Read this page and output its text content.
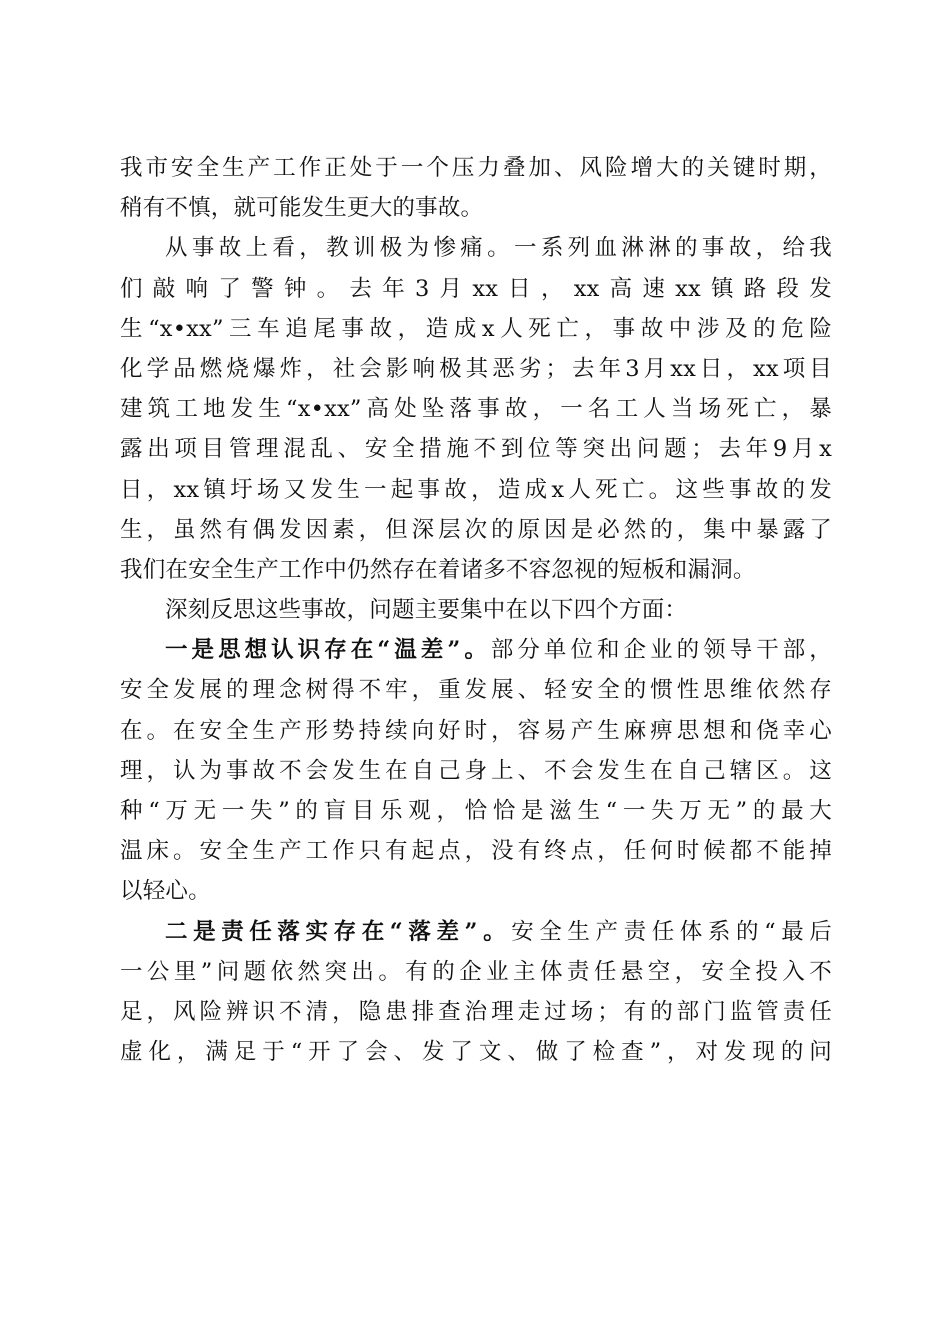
我市安全生产工作正处于一个压力叠加、风险增大的关键时期，
稍有不慎，就可能发生更大的事故。
从事故上看，教训极为惨痛。一系列血淋淋的事故，给我
们敲响了警钟。去年3月xx日，xx高速xx镇路段发
生“x•xx”三车追尾事故，造成x人死亡，事故中涉及的危险
化学品燃烧爆炸，社会影响极其恶劣；去年3月xx日，xx项目
建筑工地发生“x•xx”高处坠落事故，一名工人当场死亡，暴
露出项目管理混乱、安全措施不到位等突出问题；去年9月x
日，xx镇圩场又发生一起事故，造成x人死亡。这些事故的发
生，虽然有偶发因素，但深层次的原因是必然的，集中暴露了
我们在安全生产工作中仍然存在着诸多不容忽视的短板和漏洞。
深刻反思这些事故，问题主要集中在以下四个方面：
一是思想认识存在“温差”。部分单位和企业的领导干部，
安全发展的理念树得不牢，重发展、轻安全的惯性思维依然存
在。在安全生产形势持续向好时，容易产生麻痹思想和侥幸心
理，认为事故不会发生在自己身上、不会发生在自己辖区。这
种“万无一失”的盲目乐观，恰恰是滋生“一失万无”的最大
温床。安全生产工作只有起点，没有终点，任何时候都不能掉
以轻心。
二是责任落实存在“落差”。安全生产责任体系的“最后
一公里”问题依然突出。有的企业主体责任悬空，安全投入不
足，风险辨识不清，隐患排查治理走过场；有的部门监管责任
虚化，满足于“开了会、发了文、做了检查”，对发现的问
